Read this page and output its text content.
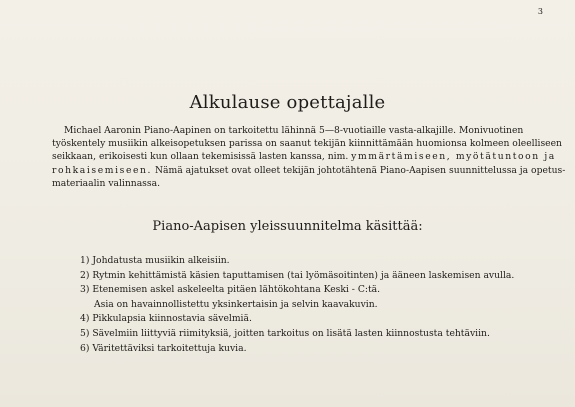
3
Alkulause opettajalle
Michael Aaronin Piano-Aapinen on tarkoitettu lähinnä 5—8-vuotiaille vasta-alkajille. Monivuotinen
työskentely musiikin alkeisopetuksen parissa on saanut tekijän kiinnittämään huomionsa kolmeen oleelliseen
seikkaan, erikoisesti kun ollaan tekemisissä lasten kanssa, nim. ymmärtämiseen, myötätuntoon ja
rohkaisemiseen. Nämä ajatukset ovat olleet tekijän johtotähtenä Piano-Aapisen suunnittelussa ja opetus-
materiaalin valinnassa.
Piano-Aapisen yleissuunnitelma käsittää:
1) Johdatusta musiikin alkeisiin.
2) Rytmin kehittämistä käsien taputtamisen (tai lyömäsoitinten) ja ääneen laskemisen avulla.
3) Etenemisen askel askeleelta pitäen lähtökohtana Keski - C:tä.
Asia on havainnollistettu yksinkertaisin ja selvin kaavakuvin.
4) Pikkulapsia kiinnostavia sävelmiä.
5) Sävelmiin liittyviä riimityksiä, joitten tarkoitus on lisätä lasten kiinnostusta tehtäviin.
6) Väritettäviksi tarkoitettuja kuvia.
